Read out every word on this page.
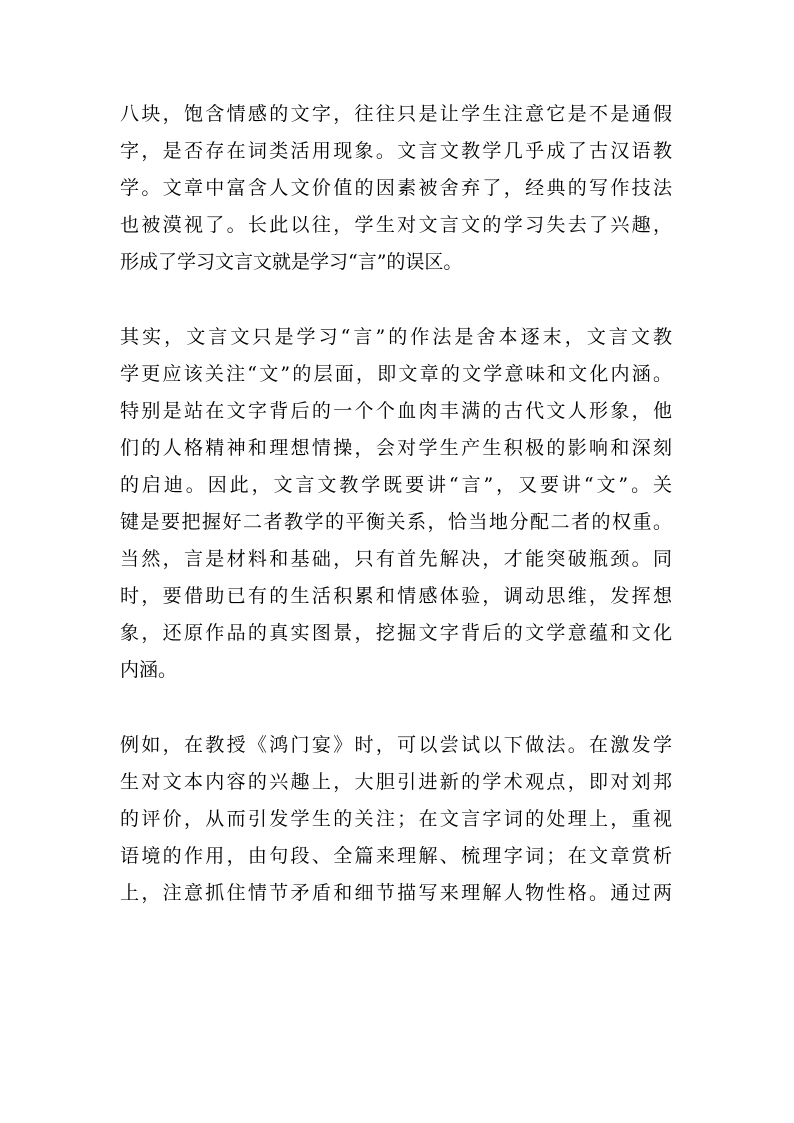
八块，饱含情感的文字，往往只是让学生注意它是不是通假
字，是否存在词类活用现象。文言文教学几乎成了古汉语教
学。文章中富含人文价值的因素被舍弃了，经典的写作技法
也被漠视了。长此以往，学生对文言文的学习失去了兴趣，
形成了学习文言文就是学习“言”的误区。
其实，文言文只是学习“言”的作法是舍本逐末，文言文教
学更应该关注“文”的层面，即文章的文学意味和文化内涵。
特别是站在文字背后的一个个血肉丰满的古代文人形象，他
们的人格精神和理想情操，会对学生产生积极的影响和深刻
的启迪。因此，文言文教学既要讲“言”，又要讲“文”。关
键是要把握好二者教学的平衡关系，恰当地分配二者的权重。
当然，言是材料和基础，只有首先解决，才能突破瓶颈。同
时，要借助已有的生活积累和情感体验，调动思维，发挥想
象，还原作品的真实图景，挖掘文字背后的文学意蕴和文化
内涵。
例如，在教授《鸿门宴》时，可以尝试以下做法。在激发学
生对文本内容的兴趣上，大胆引进新的学术观点，即对刘邦
的评价，从而引发学生的关注；在文言字词的处理上，重视
语境的作用，由句段、全篇来理解、梳理字词；在文章赏析
上，注意抓住情节矛盾和细节描写来理解人物性格。通过两
